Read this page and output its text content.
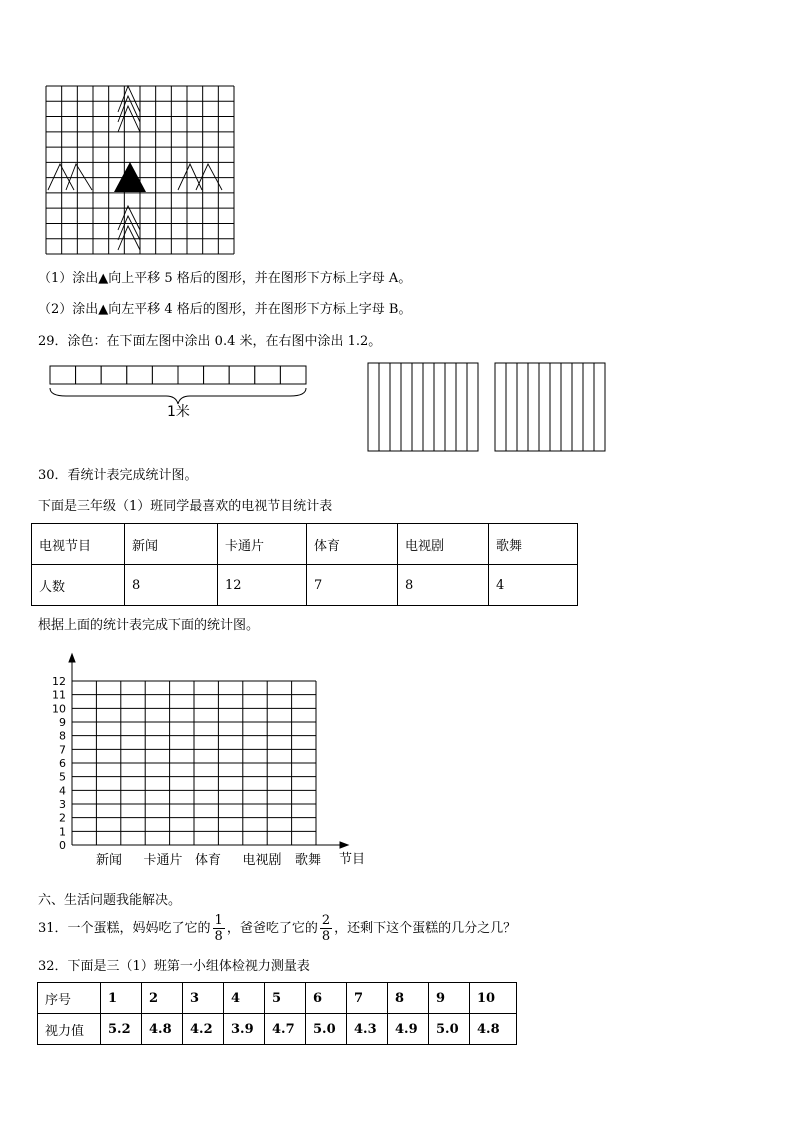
（1）涂出▲向上平移 5 格后的图形，并在图形下方标上字母 A。
（2）涂出▲向左平移 4 格后的图形，并在图形下方标上字母 B。
29．涂色：在下面左图中涂出 0.4 米，在右图中涂出 1.2。
1米
30．看统计表完成统计图。
下面是三年级（1）班同学最喜欢的电视节目统计表
电视节目	新闻	卡通片	体育	电视剧	歌舞
人数	8	12	7	8	4
根据上面的统计表完成下面的统计图。
0
1
2
3
4
5
6
7
8
9
10
11
12
新闻 卡通片 体育 电视剧 歌舞 节目
六、生活问题我能解决。
31．一个蛋糕，妈妈吃了它的 $\frac{1}{8}$ ，爸爸吃了它的 $\frac{2}{8}$ ，还剩下这个蛋糕的几分之几？
32．下面是三（1）班第一小组体检视力测量表
序号	1	2	3	4	5	6	7	8	9	10
视力值	5.2	4.8	4.2	3.9	4.7	5.0	4.3	4.9	5.0	4.8
